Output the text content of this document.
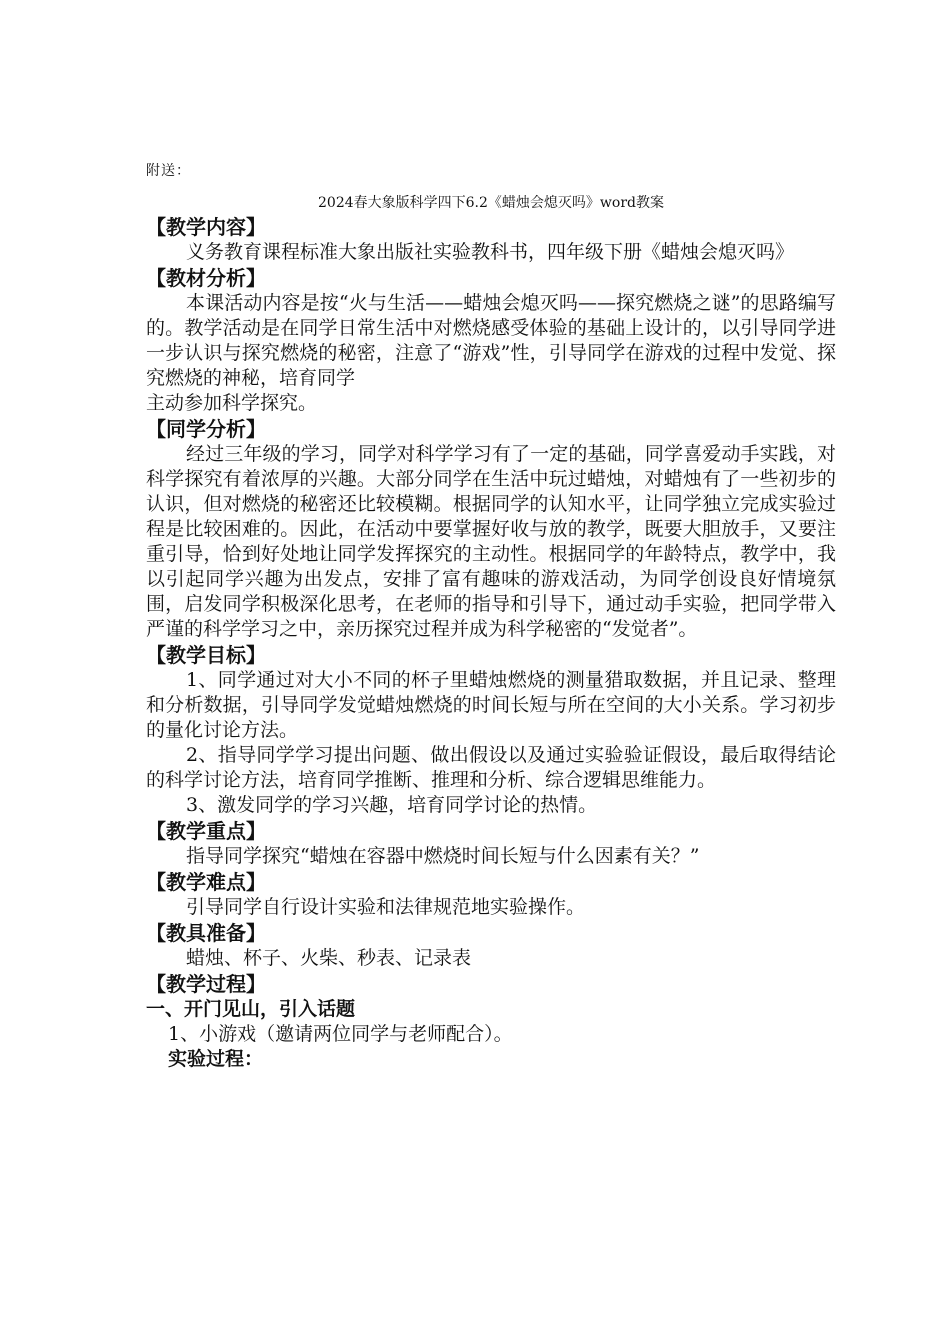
附送：
2024春大象版科学四下6.2《蜡烛会熄灭吗》word教案

【教学内容】

义务教育课程标准大象出版社实验教科书，四年级下册《蜡烛会熄灭吗》

【教材分析】

本课活动内容是按“火与生活——蜡烛会熄灭吗——探究燃烧之谜”的思路编写的。教学活动是在同学日常生活中对燃烧感受体验的基础上设计的，以引导同学进一步认识与探究燃烧的秘密，注意了“游戏”性，引导同学在游戏的过程中发觉、探究燃烧的神秘，培育同学

主动参加科学探究。

【同学分析】

经过三年级的学习，同学对科学学习有了一定的基础，同学喜爱动手实践，对科学探究有着浓厚的兴趣。大部分同学在生活中玩过蜡烛，对蜡烛有了一些初步的认识，但对燃烧的秘密还比较模糊。根据同学的认知水平，让同学独立完成实验过程是比较困难的。因此，在活动中要掌握好收与放的教学，既要大胆放手，又要注重引导，恰到好处地让同学发挥探究的主动性。根据同学的年龄特点，教学中，我以引起同学兴趣为出发点，安排了富有趣味的游戏活动，为同学创设良好情境氛围，启发同学积极深化思考，在老师的指导和引导下，通过动手实验，把同学带入严谨的科学学习之中，亲历探究过程并成为科学秘密的“发觉者”。

【教学目标】

1、同学通过对大小不同的杯子里蜡烛燃烧的测量猎取数据，并且记录、整理和分析数据，引导同学发觉蜡烛燃烧的时间长短与所在空间的大小关系。学习初步的量化讨论方法。

2、指导同学学习提出问题、做出假设以及通过实验验证假设，最后取得结论的科学讨论方法，培育同学推断、推理和分析、综合逻辑思维能力。

3、激发同学的学习兴趣，培育同学讨论的热情。

【教学重点】

指导同学探究“蜡烛在容器中燃烧时间长短与什么因素有关？”

【教学难点】

引导同学自行设计实验和法律规范地实验操作。

【教具准备】

蜡烛、杯子、火柴、秒表、记录表

【教学过程】

一、开门见山，引入话题

1、小游戏（邀请两位同学与老师配合）。

实验过程：
